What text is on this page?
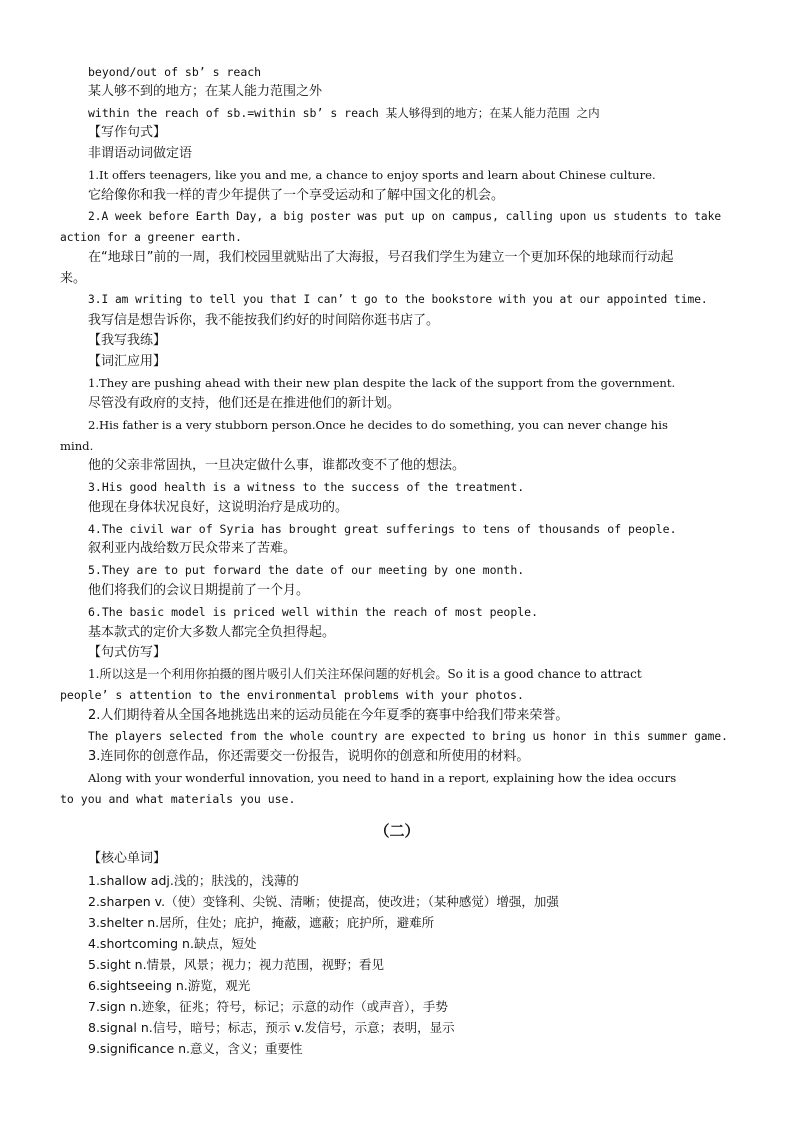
beyond/out of sb’ s reach
某人够不到的地方；在某人能力范围之外
within the reach of sb.=within sb’ s reach 某人够得到的地方；在某人能力范围 之内
【写作句式】
非谓语动词做定语
1.It offers teenagers, like you and me, a chance to enjoy sports and learn about Chinese culture.
它给像你和我一样的青少年提供了一个享受运动和了解中国文化的机会。
2.A week before Earth Day, a big poster was put up on campus, calling upon us students to take
action for a greener earth.
在“地球日”前的一周，我们校园里就贴出了大海报，号召我们学生为建立一个更加环保的地球而行动起
来。
3.I am writing to tell you that I can’ t go to the bookstore with you at our appointed time.
我写信是想告诉你，我不能按我们约好的时间陪你逛书店了。
【我写我练】
【词汇应用】
1.They are pushing ahead with their new plan despite the lack of the support from the government.
尽管没有政府的支持，他们还是在推进他们的新计划。
2.His father is a very stubborn person.Once he decides to do something, you can never change his
mind.
他的父亲非常固执，一旦决定做什么事，谁都改变不了他的想法。
3.His good health is a witness to the success of the treatment.
他现在身体状况良好，这说明治疗是成功的。
4.The civil war of Syria has brought great sufferings to tens of thousands of people.
叙利亚内战给数万民众带来了苦难。
5.They are to put forward the date of our meeting by one month.
他们将我们的会议日期提前了一个月。
6.The basic model is priced well within the reach of most people.
基本款式的定价大多数人都完全负担得起。
【句式仿写】
1.所以这是一个利用你拍摄的图片吸引人们关注环保问题的好机会。So it is a good chance to attract
people’ s attention to the environmental problems with your photos.
2.人们期待着从全国各地挑选出来的运动员能在今年夏季的赛事中给我们带来荣誉。
The players selected from the whole country are expected to bring us honor in this summer game.
3.连同你的创意作品，你还需要交一份报告，说明你的创意和所使用的材料。
Along with your wonderful innovation, you need to hand in a report, explaining how the idea occurs
to you and what materials you use.
（二）
【核心单词】
1.shallow adj.浅的；肤浅的，浅薄的
2.sharpen v.（使）变锋利、尖锐、清晰；使提高，使改进；（某种感觉）增强，加强
3.shelter n.居所，住处；庇护，掩蔽，遮蔽；庇护所，避难所
4.shortcoming n.缺点，短处
5.sight n.情景，风景；视力；视力范围，视野；看见
6.sightseeing n.游览，观光
7.sign n.迹象，征兆；符号，标记；示意的动作（或声音），手势
8.signal n.信号，暗号；标志，预示 v.发信号，示意；表明，显示
9.significance n.意义，含义；重要性
